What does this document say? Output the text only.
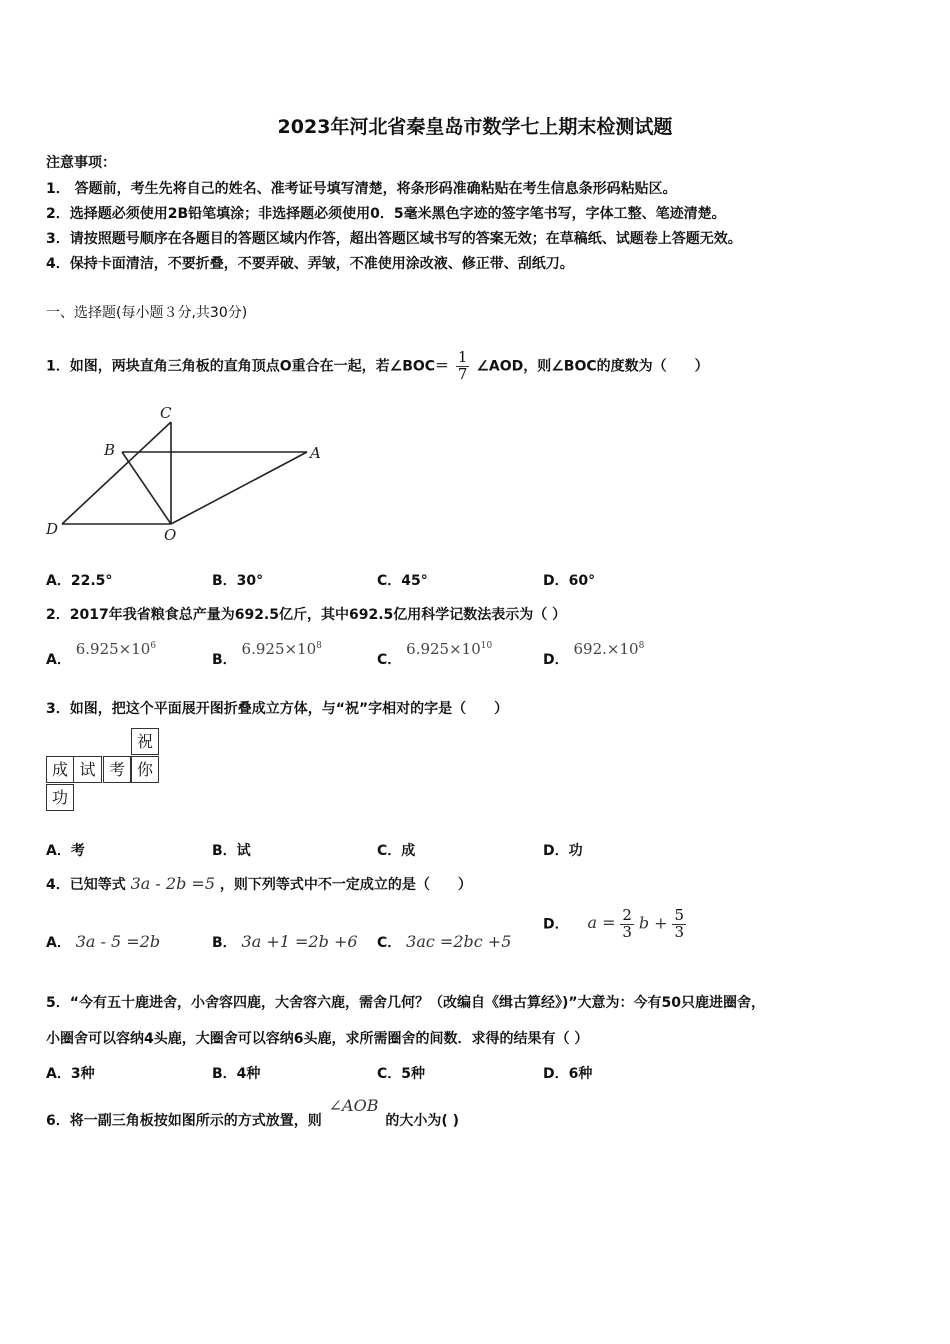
2023年河北省秦皇岛市数学七上期末检测试题
注意事项：
1． 答题前，考生先将自己的姓名、准考证号填写清楚，将条形码准确粘贴在考生信息条形码粘贴区。
2．选择题必须使用2B铅笔填涂；非选择题必须使用0．5毫米黑色字迹的签字笔书写，字体工整、笔迹清楚。
3．请按照题号顺序在各题目的答题区域内作答，超出答题区域书写的答案无效；在草稿纸、试题卷上答题无效。
4．保持卡面清洁，不要折叠，不要弄破、弄皱，不准使用涂改液、修正带、刮纸刀。
一、选择题(每小题３分,共30分)
1．如图，两块直角三角板的直角顶点O重合在一起，若∠BOC＝ $\frac{1}{7}$ ∠AOD，则∠BOC的度数为（　　）
C
B	A
D	O
A．22.5°	B．30°	C．45°	D．60°
2．2017年我省粮食总产量为692.5亿斤，其中692.5亿用科学记数法表示为（ ）
A． $6.925\times 10^6$
B． $6.925\times 10^8$
C． $6.925\times 10^{10}$
D． $692.\times 10^8$
3．如图，把这个平面展开图折叠成立方体，与“祝”字相对的字是（　　）
祝
成 试 考 你
功
A．考	B．试	C．成	D．功
4．已知等式 3a - 2b =5 ，则下列等式中不一定成立的是（　　）
A． 3a - 5 =2b	B． 3a +1 =2b +6 C． 3ac =2bc +5
D． $a = \frac{2}{3}$ $b + \frac{5}{3}$
5．“今有五十鹿进舍，小舍容四鹿，大舍容六鹿，需舍几何？（改编自《缉古算经》)”大意为：今有50只鹿进圈舍，
小圈舍可以容纳4头鹿，大圈舍可以容纳6头鹿，求所需圈舍的间数．求得的结果有（ ）
A．3种	B．4种	C．5种	D．6种
6．将一副三角板按如图所示的方式放置，则 ∠AOB 的大小为( )
